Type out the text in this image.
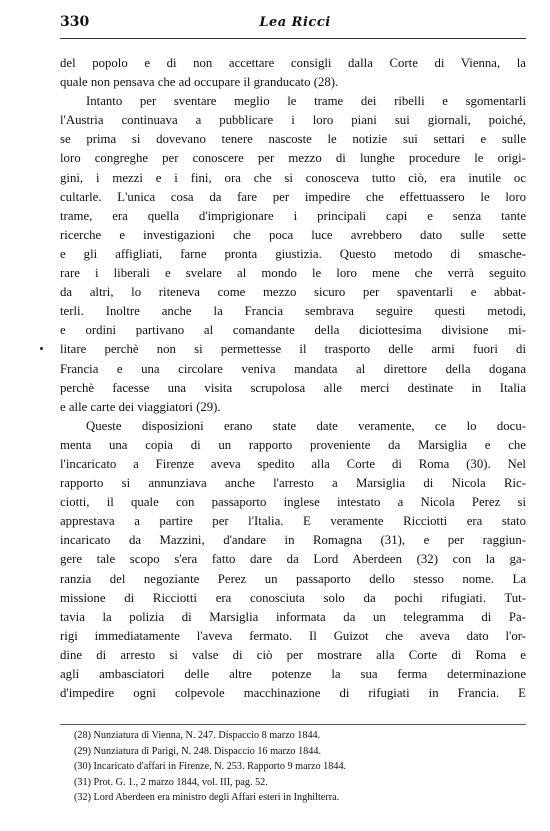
330	Lea Ricci
del popolo e di non accettare consigli dalla Corte di Vienna, la
quale non pensava che ad occupare il granducato (28).
Intanto per sventare meglio le trame dei ribelli e sgomentarli
l'Austria continuava a pubblicare i loro piani sui giornali, poiché,
se prima si dovevano tenere nascoste le notizie sui settari e sulle
loro congreghe per conoscere per mezzo di lunghe procedure le origi-
gini, i mezzi e i fini, ora che si conosceva tutto ciò, era inutile oc
cultarle. L'unica cosa da fare per impedire che effettuassero le loro
trame, era quella d'imprigionare i principali capi e senza tante
ricerche e investigazioni che poca luce avrebbero dato sulle sette
e gli affigliati, farne pronta giustizia. Questo metodo di smasche-
rare i liberali e svelare al mondo le loro mene che verrà seguito
da altri, lo riteneva come mezzo sicuro per spaventarli e abbat-
terli. Inoltre anche la Francia sembrava seguire questi metodi,
e ordini partivano al comandante della diciottesima divisione mi-
litare perchè non si permettesse il trasporto delle armi fuori di
Francia e una circolare veniva mandata al direttore della dogana
perchè facesse una visita scrupolosa alle merci destinate in Italia
e alle carte dei viaggiatori (29).
Queste disposizioni erano state date veramente, ce lo docu-
menta una copia di un rapporto proveniente da Marsiglia e che
l'incaricato a Firenze aveva spedito alla Corte di Roma (30). Nel
rapporto si annunziava anche l'arresto a Marsiglia di Nicola Ric-
ciotti, il quale con passaporto inglese intestato a Nicola Perez si
apprestava a partire per l'Italia. E veramente Ricciotti era stato
incaricato da Mazzini, d'andare in Romagna (31), e per raggiun-
gere tale scopo s'era fatto dare da Lord Aberdeen (32) con la ga-
ranzia del negoziante Perez un passaporto dello stesso nome. La
missione di Ricciotti era conosciuta solo da pochi rifugiati. Tut-
tavia la polizia di Marsiglia informata da un telegramma di Pa-
rigi immediatamente l'aveva fermato. Il Guizot che aveva dato l'or-
dine di arresto si valse di ciò per mostrare alla Corte di Roma e
agli ambasciatori delle altre potenze la sua ferma determinazione
d'impedire ogni colpevole macchinazione di rifugiati in Francia. E
(28) Nunziatura di Vienna, N. 247. Dispaccio 8 marzo 1844.
(29) Nunziatura di Parigi, N. 248. Dispaccio 16 marzo 1844.
(30) Incaricato d'affari in Firenze, N. 253. Rapporto 9 marzo 1844.
(31) Prot. G. 1., 2 marzo 1844, vol. III, pag. 52.
(32) Lord Aberdeen era ministro degli Affari esteri in Inghilterra.
